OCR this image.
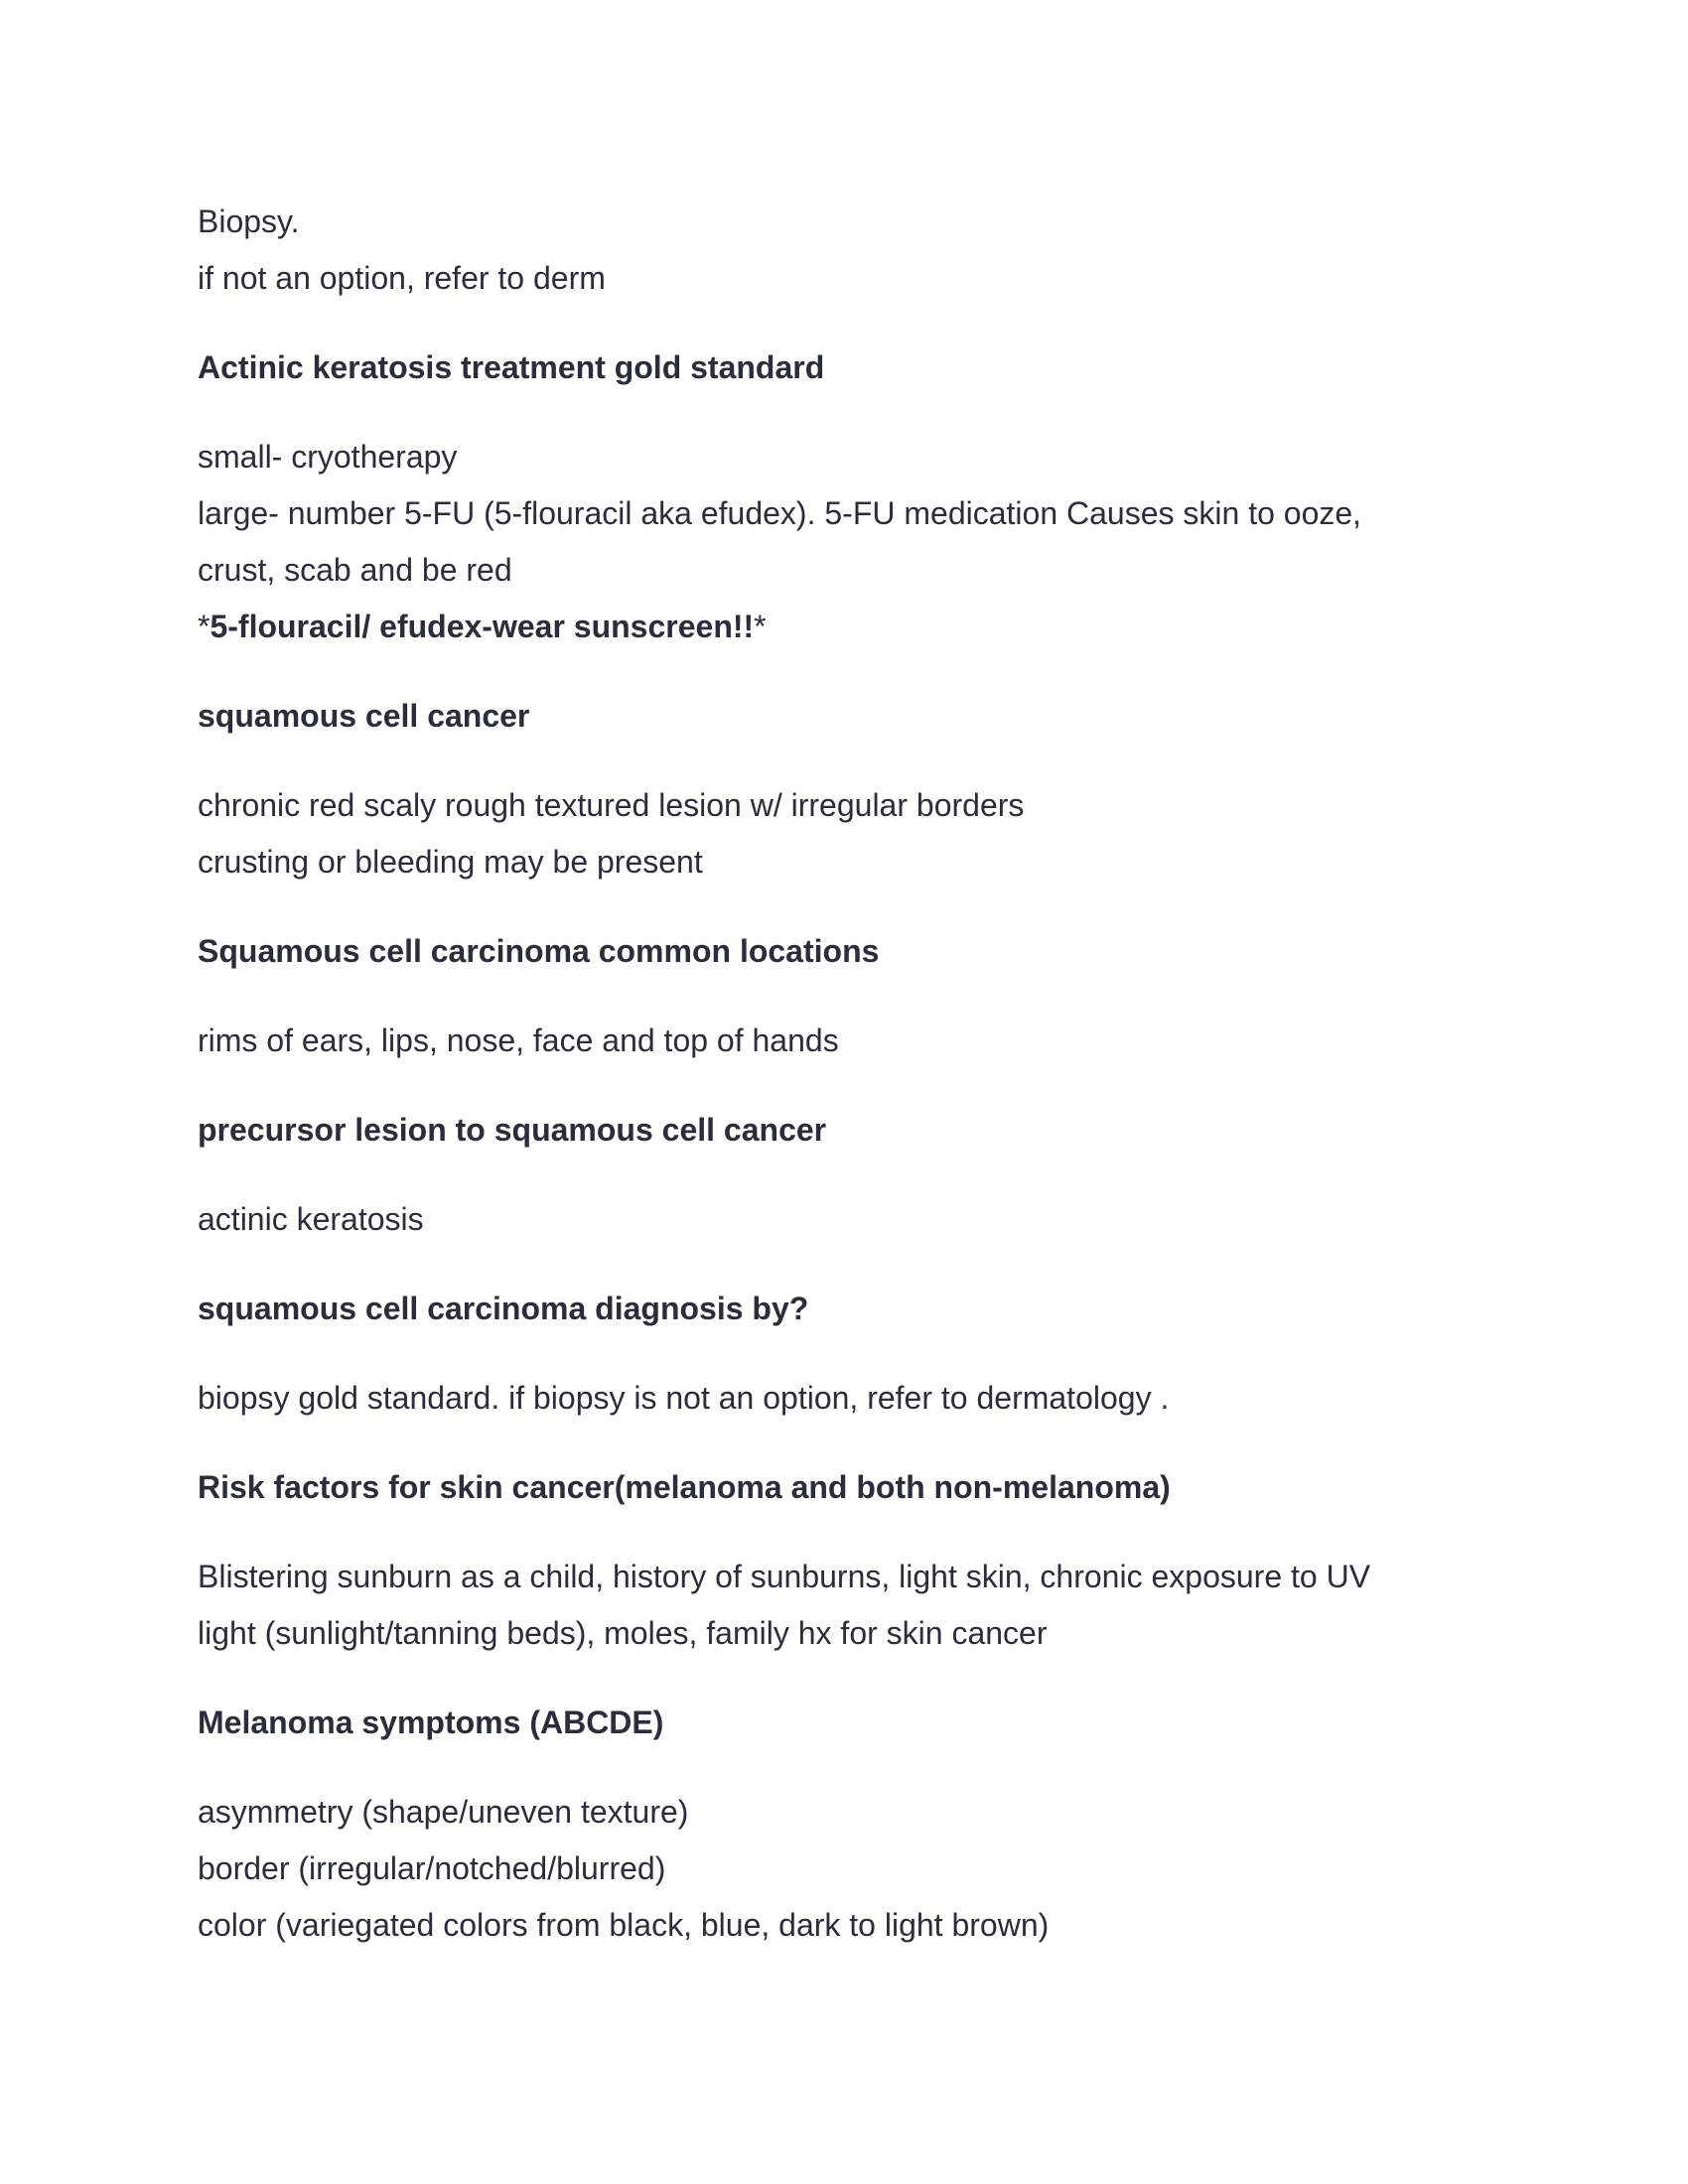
Biopsy.

if not an option, refer to derm

Actinic keratosis treatment gold standard

small- cryotherapy

large- number 5-FU (5-flouracil aka efudex). 5-FU medication Causes skin to ooze,

crust, scab and be red

*5-flouracil/ efudex-wear sunscreen!!*

squamous cell cancer

chronic red scaly rough textured lesion w/ irregular borders

crusting or bleeding may be present

Squamous cell carcinoma common locations

rims of ears, lips, nose, face and top of hands

precursor lesion to squamous cell cancer

actinic keratosis

squamous cell carcinoma diagnosis by?

biopsy gold standard. if biopsy is not an option, refer to dermatology .

Risk factors for skin cancer(melanoma and both non-melanoma)

Blistering sunburn as a child, history of sunburns, light skin, chronic exposure to UV

light (sunlight/tanning beds), moles, family hx for skin cancer

Melanoma symptoms (ABCDE)

asymmetry (shape/uneven texture)

border (irregular/notched/blurred)

color (variegated colors from black, blue, dark to light brown)
